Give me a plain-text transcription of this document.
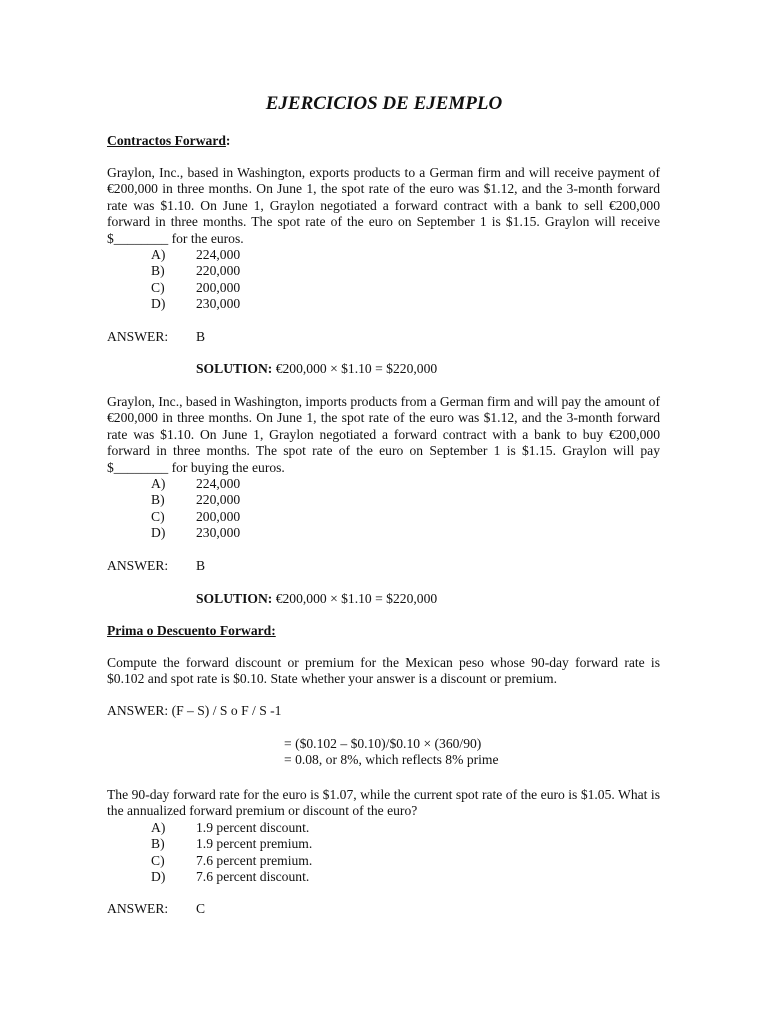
EJERCICIOS DE EJEMPLO
Contractos Forward:
Graylon, Inc., based in Washington, exports products to a German firm and will receive payment of €200,000 in three months. On June 1, the spot rate of the euro was $1.12, and the 3-month forward rate was $1.10. On June 1, Graylon negotiated a forward contract with a bank to sell €200,000 forward in three months. The spot rate of the euro on September 1 is $1.15. Graylon will receive $________ for the euros.
A) 224,000
B) 220,000
C) 200,000
D) 230,000
ANSWER: B
SOLUTION: €200,000 × $1.10 = $220,000
Graylon, Inc., based in Washington, imports products from a German firm and will pay the amount of €200,000 in three months. On June 1, the spot rate of the euro was $1.12, and the 3-month forward rate was $1.10. On June 1, Graylon negotiated a forward contract with a bank to buy €200,000 forward in three months. The spot rate of the euro on September 1 is $1.15. Graylon will pay $________ for buying the euros.
A) 224,000
B) 220,000
C) 200,000
D) 230,000
ANSWER: B
SOLUTION: €200,000 × $1.10 = $220,000
Prima o Descuento Forward:
Compute the forward discount or premium for the Mexican peso whose 90-day forward rate is $0.102 and spot rate is $0.10. State whether your answer is a discount or premium.
ANSWER: (F – S) / S o F / S -1
= ($0.102 – $0.10)/$0.10 × (360/90)
= 0.08, or 8%, which reflects 8% prime
The 90-day forward rate for the euro is $1.07, while the current spot rate of the euro is $1.05. What is the annualized forward premium or discount of the euro?
A) 1.9 percent discount.
B) 1.9 percent premium.
C) 7.6 percent premium.
D) 7.6 percent discount.
ANSWER: C
